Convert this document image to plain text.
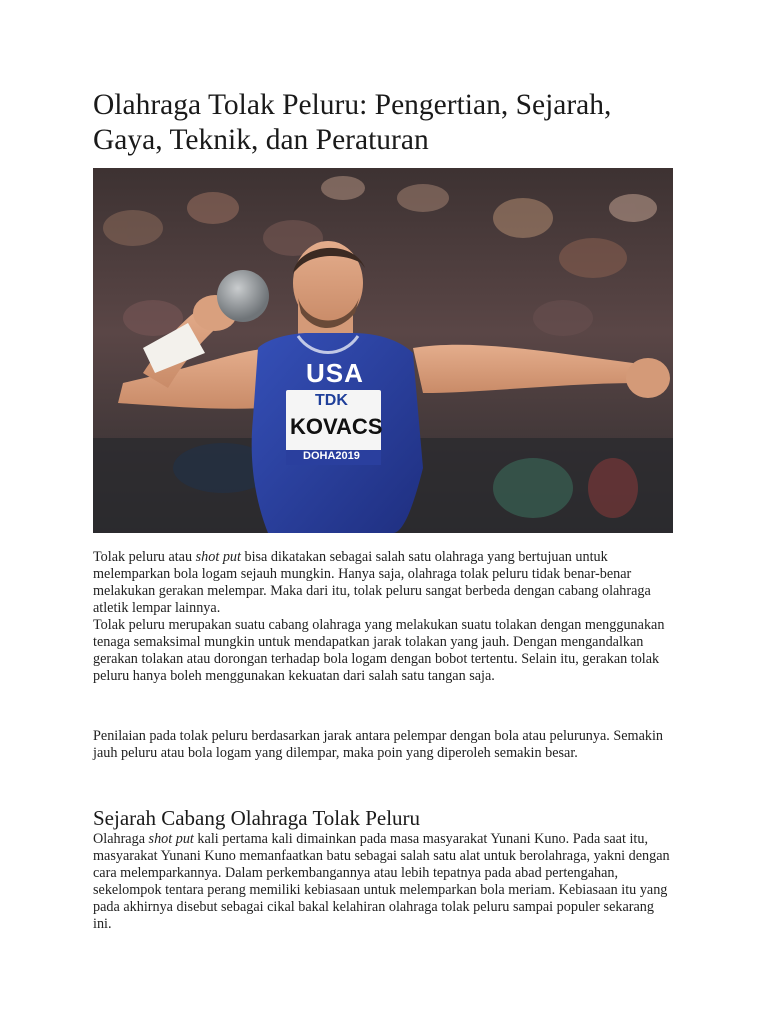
Olahraga Tolak Peluru: Pengertian, Sejarah, Gaya, Teknik, dan Peraturan
USA
TDK
KOVACS
DOHA2019

Tolak peluru atau shot put bisa dikatakan sebagai salah satu olahraga yang bertujuan untuk melemparkan bola logam sejauh mungkin. Hanya saja, olahraga tolak peluru tidak benar-benar melakukan gerakan melempar. Maka dari itu, tolak peluru sangat berbeda dengan cabang olahraga atletik lempar lainnya.

Tolak peluru merupakan suatu cabang olahraga yang melakukan suatu tolakan dengan menggunakan tenaga semaksimal mungkin untuk mendapatkan jarak tolakan yang jauh. Dengan mengandalkan gerakan tolakan atau dorongan terhadap bola logam dengan bobot tertentu. Selain itu, gerakan tolak peluru hanya boleh menggunakan kekuatan dari salah satu tangan saja.

Penilaian pada tolak peluru berdasarkan jarak antara pelempar dengan bola atau pelurunya. Semakin jauh peluru atau bola logam yang dilempar, maka poin yang diperoleh semakin besar.

Sejarah Cabang Olahraga Tolak Peluru

Olahraga shot put kali pertama kali dimainkan pada masa masyarakat Yunani Kuno. Pada saat itu, masyarakat Yunani Kuno memanfaatkan batu sebagai salah satu alat untuk berolahraga, yakni dengan cara melemparkannya. Dalam perkembangannya atau lebih tepatnya pada abad pertengahan, sekelompok tentara perang memiliki kebiasaan untuk melemparkan bola meriam. Kebiasaan itu yang pada akhirnya disebut sebagai cikal bakal kelahiran olahraga tolak peluru sampai populer sekarang ini.
